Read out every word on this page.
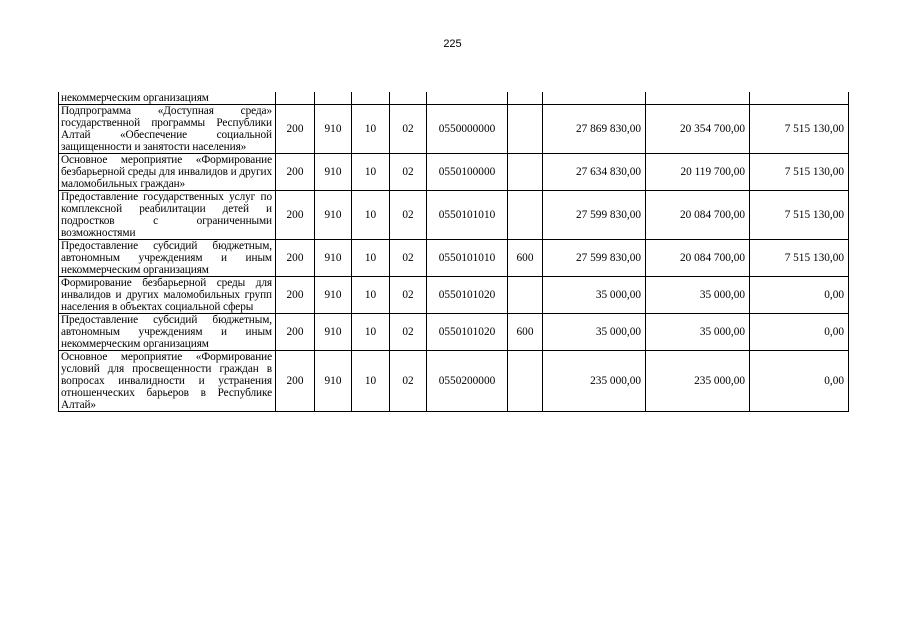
225
некоммерческим организациям									
Подпрограмма «Доступная среда» государственной программы Республики Алтай «Обеспечение социальной защищенности и занятости населения»	200	910	10	02	0550000000		27 869 830,00	20 354 700,00	7 515 130,00
Основное мероприятие «Формирование безбарьерной среды для инвалидов и других маломобильных граждан»	200	910	10	02	0550100000		27 634 830,00	20 119 700,00	7 515 130,00
Предоставление государственных услуг по комплексной реабилитации детей и подростков с ограниченными возможностями	200	910	10	02	0550101010		27 599 830,00	20 084 700,00	7 515 130,00
Предоставление субсидий бюджетным, автономным учреждениям и иным некоммерческим организациям	200	910	10	02	0550101010	600	27 599 830,00	20 084 700,00	7 515 130,00
Формирование безбарьерной среды для инвалидов и других маломобильных групп населения в объектах социальной сферы	200	910	10	02	0550101020		35 000,00	35 000,00	0,00
Предоставление субсидий бюджетным, автономным учреждениям и иным некоммерческим организациям	200	910	10	02	0550101020	600	35 000,00	35 000,00	0,00
Основное мероприятие «Формирование условий для просвещенности граждан в вопросах инвалидности и устранения отношенческих барьеров в Республике Алтай»	200	910	10	02	0550200000		235 000,00	235 000,00	0,00
